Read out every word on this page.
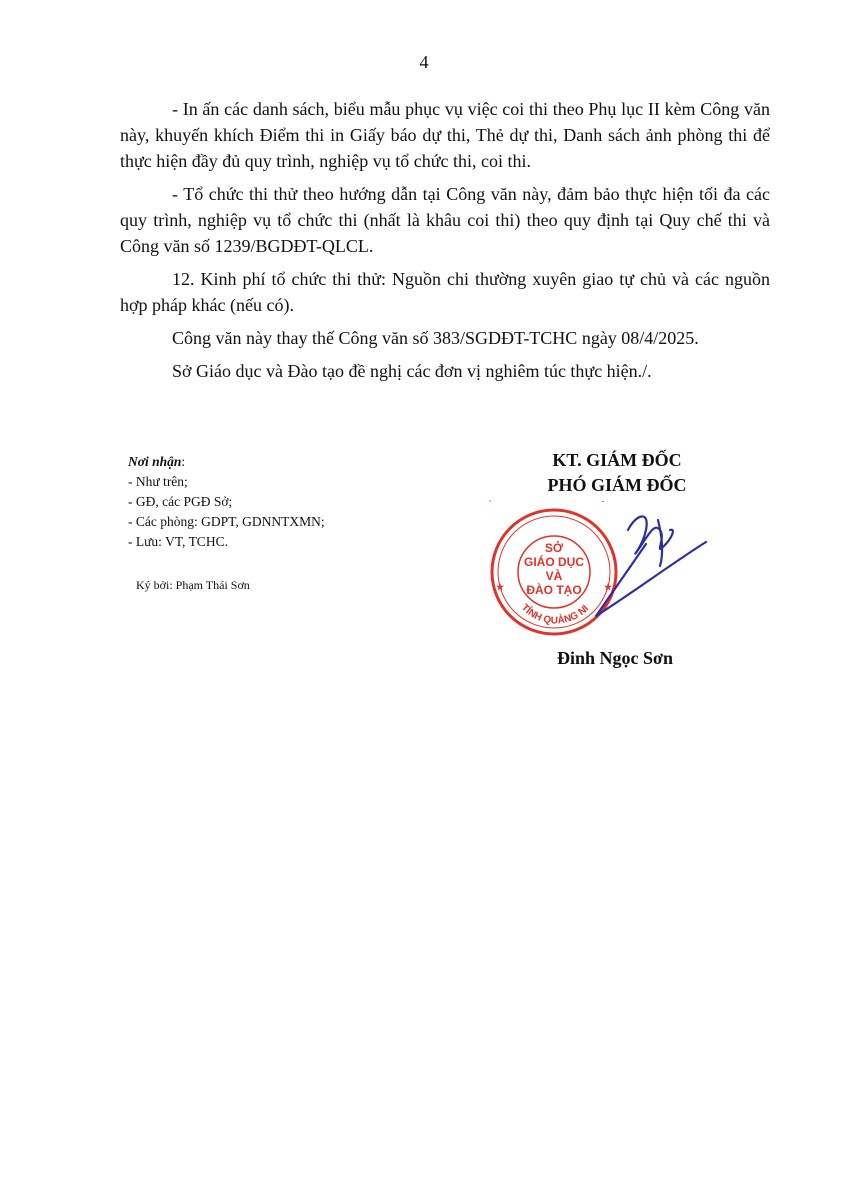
4

- In ấn các danh sách, biểu mẫu phục vụ việc coi thi theo Phụ lục II kèm Công văn này, khuyến khích Điểm thi in Giấy báo dự thi, Thẻ dự thi, Danh sách ảnh phòng thi để thực hiện đầy đủ quy trình, nghiệp vụ tổ chức thi, coi thi.

- Tổ chức thi thử theo hướng dẫn tại Công văn này, đảm bảo thực hiện tối đa các quy trình, nghiệp vụ tổ chức thi (nhất là khâu coi thi) theo quy định tại Quy chế thi và Công văn số 1239/BGDĐT-QLCL.

12. Kinh phí tổ chức thi thử: Nguồn chi thường xuyên giao tự chủ và các nguồn hợp pháp khác (nếu có).

Công văn này thay thế Công văn số 383/SGDĐT-TCHC ngày 08/4/2025.

Sở Giáo dục và Đào tạo đề nghị các đơn vị nghiêm túc thực hiện./.

Nơi nhận:
- Như trên;
- GĐ, các PGĐ Sở;
- Các phòng: GDPT, GDNNTXMN;
- Lưu: VT, TCHC.
Ký bởi: Phạm Thái Sơn
KT. GIÁM ĐỐC
PHÓ GIÁM ĐỐC
★	★
TỈNH QUẢNG NI
SỞ
GIÁO DỤC
VÀ
ĐÀO TẠO
Đinh Ngọc Sơn
